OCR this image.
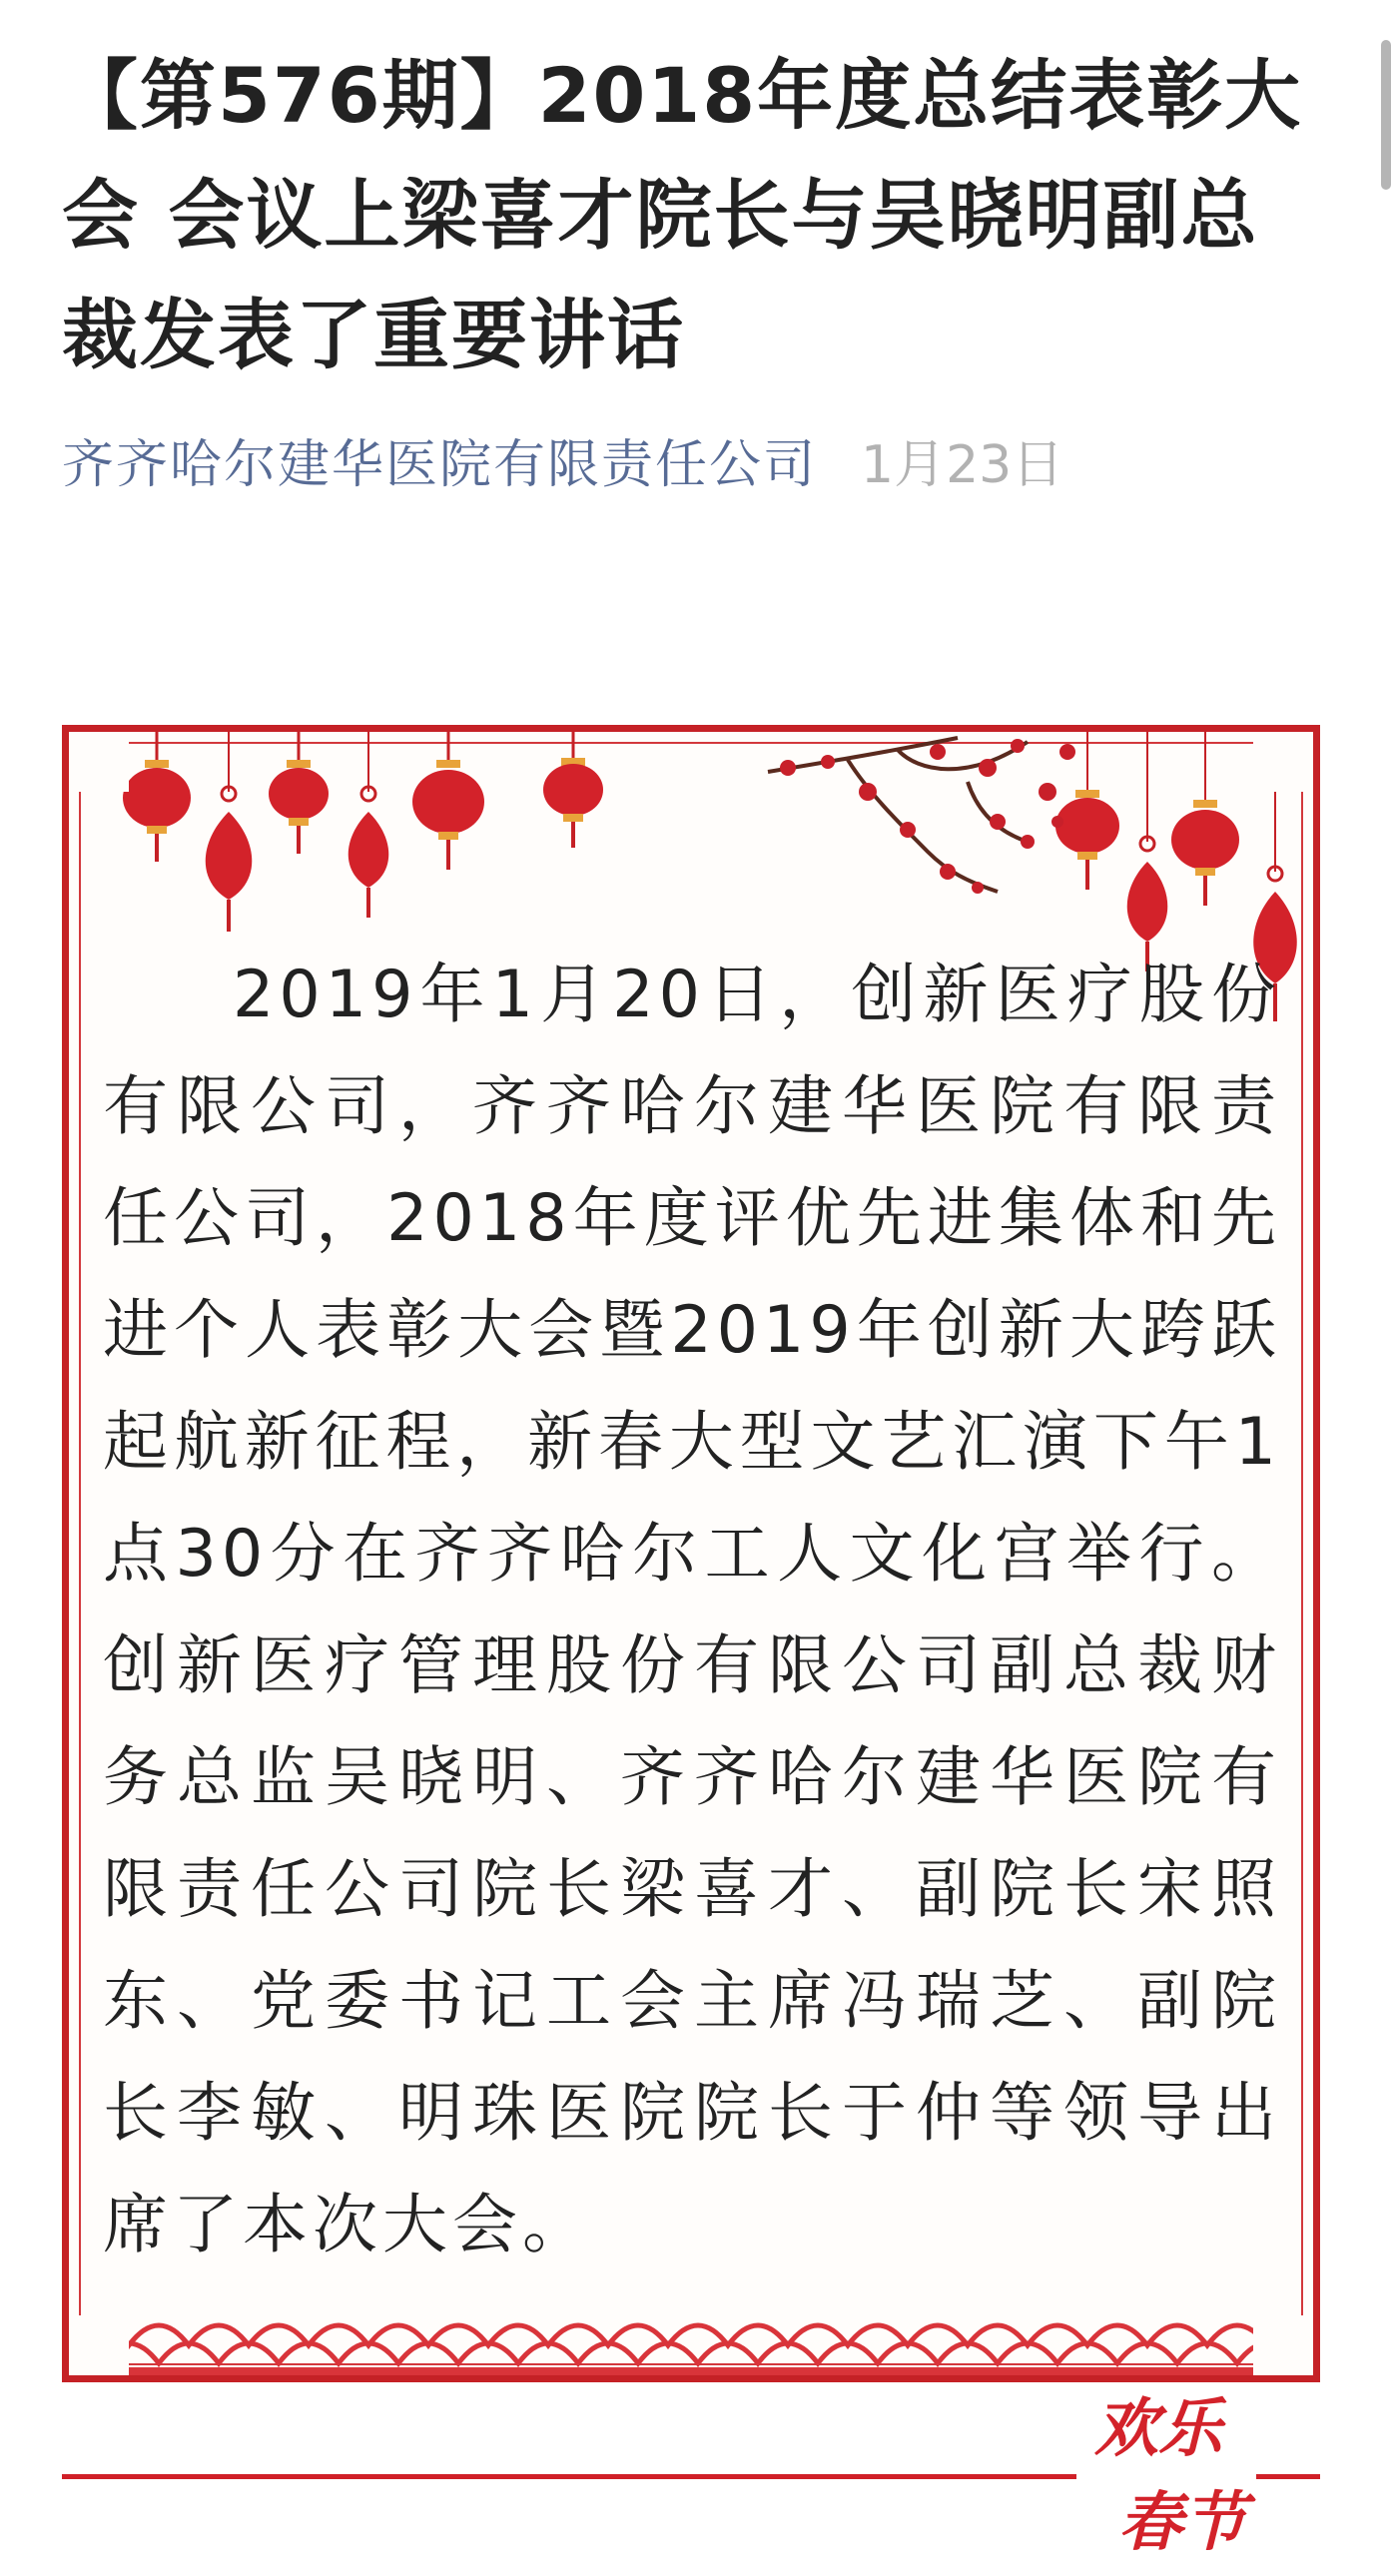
【第576期】2018年度总结表彰大会 会议上梁喜才院长与吴晓明副总裁发表了重要讲话
齐齐哈尔建华医院有限责任公司 1月23日

2019年1月20日，创新医疗股份有限公司，齐齐哈尔建华医院有限责任公司，2018年度评优先进集体和先进个人表彰大会暨2019年创新大跨跃起航新征程，新春大型文艺汇演下午1点30分在齐齐哈尔工人文化宫举行。创新医疗管理股份有限公司副总裁财务总监吴晓明、齐齐哈尔建华医院有限责任公司院长梁喜才、副院长宋照东、党委书记工会主席冯瑞芝、副院长李敏、明珠医院院长于仲等领导出席了本次大会。

欢乐
春节
